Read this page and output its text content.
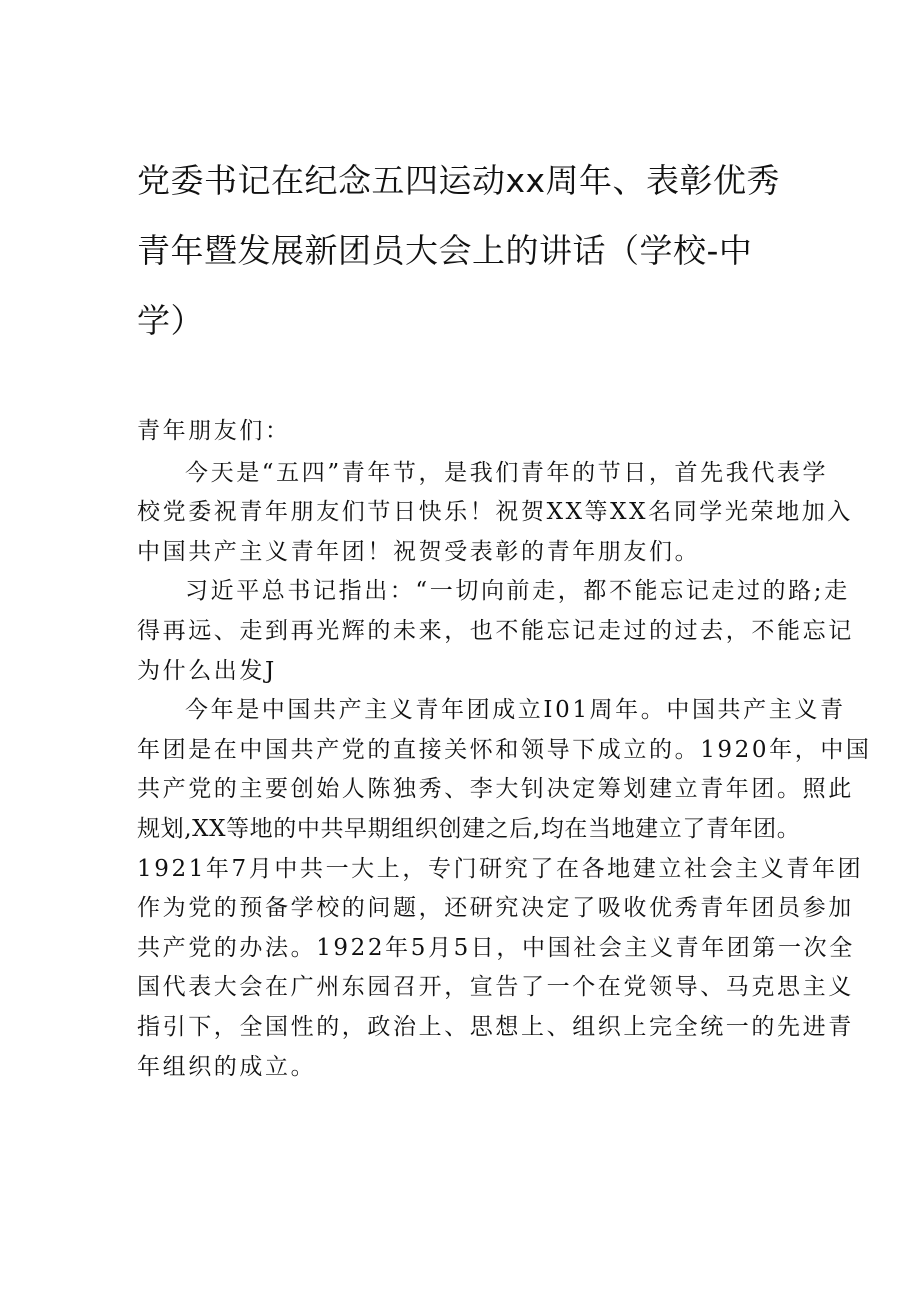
党委书记在纪念五四运动xx周年、表彰优秀
青年暨发展新团员大会上的讲话（学校-中
学）

青年朋友们：

今天是“五四”青年节，是我们青年的节日，首先我代表学
校党委祝青年朋友们节日快乐！祝贺XX等XX名同学光荣地加入
中国共产主义青年团！祝贺受表彰的青年朋友们。

习近平总书记指出：“一切向前走，都不能忘记走过的路;走
得再远、走到再光辉的未来，也不能忘记走过的过去，不能忘记
为什么出发J

今年是中国共产主义青年团成立I01周年。中国共产主义青
年团是在中国共产党的直接关怀和领导下成立的。1920年，中国
共产党的主要创始人陈独秀、李大钊决定筹划建立青年团。照此
规划,XX等地的中共早期组织创建之后,均在当地建立了青年团。
1921年7月中共一大上，专门研究了在各地建立社会主义青年团
作为党的预备学校的问题，还研究决定了吸收优秀青年团员参加
共产党的办法。1922年5月5日，中国社会主义青年团第一次全
国代表大会在广州东园召开，宣告了一个在党领导、马克思主义
指引下，全国性的，政治上、思想上、组织上完全统一的先进青
年组织的成立。
